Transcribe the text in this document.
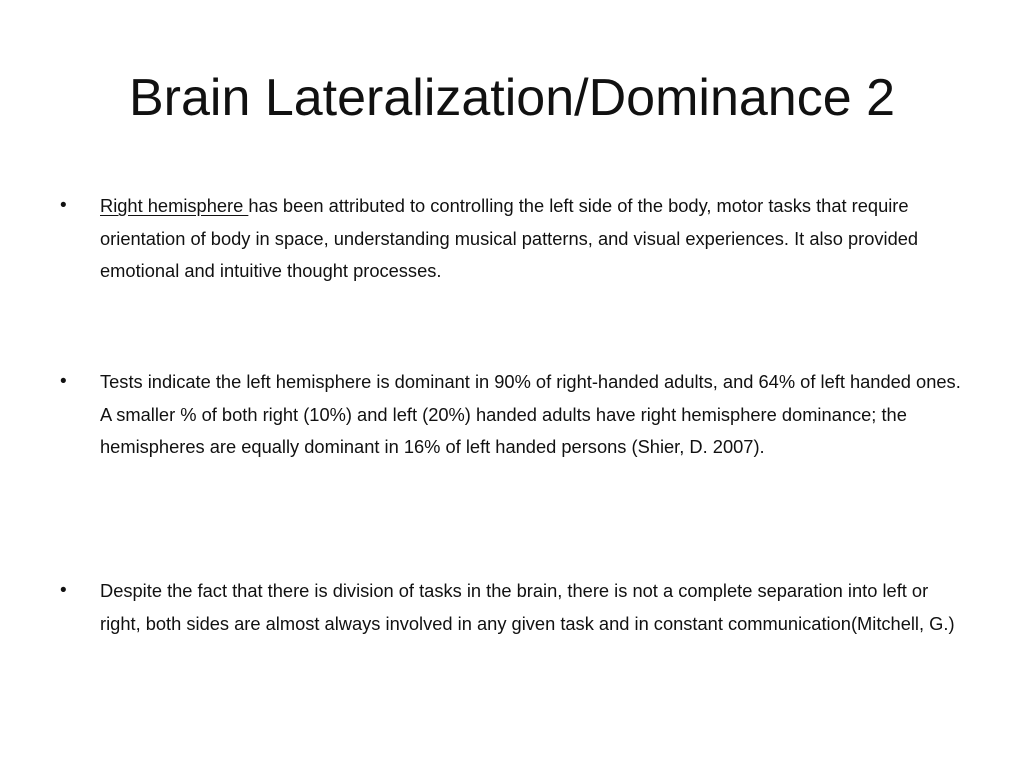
Brain Lateralization/Dominance 2
• Right hemisphere has been attributed to controlling the left side of the body, motor tasks that require orientation of body in space, understanding musical patterns, and visual experiences. It also provided emotional and intuitive thought processes.
• Tests indicate the left hemisphere is dominant in 90% of right-handed adults, and 64% of left handed ones. A smaller % of both right (10%) and left (20%) handed adults have right hemisphere dominance; the hemispheres are equally dominant in 16% of left handed persons (Shier, D. 2007).
• Despite the fact that there is division of tasks in the brain, there is not a complete separation into left or right, both sides are almost always involved in any given task and in constant communication(Mitchell, G.)
